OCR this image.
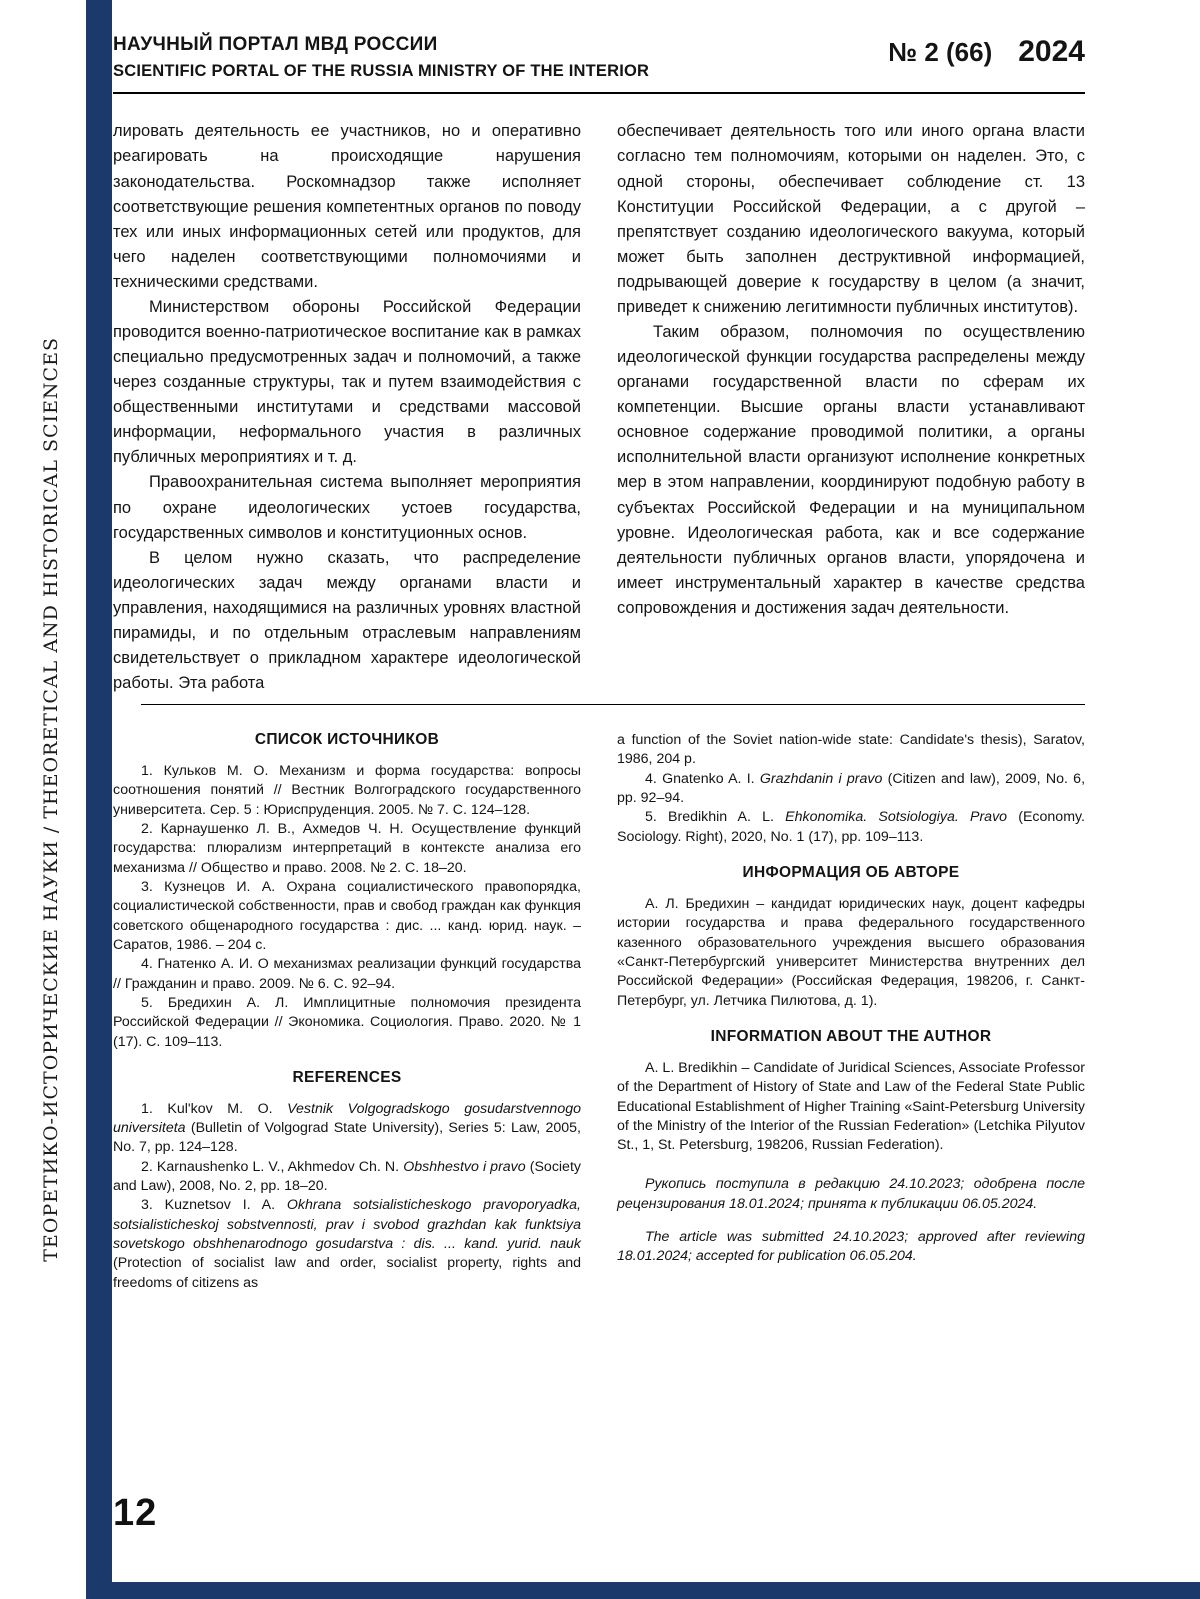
ТЕОРЕТИКО-ИСТОРИЧЕСКИЕ НАУКИ / THEORETICAL AND HISTORICAL SCIENCES
НАУЧНЫЙ ПОРТАЛ МВД РОССИИ
SCIENTIFIC PORTAL OF THE RUSSIA MINISTRY OF THE INTERIOR
№ 2 (66) 2024

лировать деятельность ее участников, но и оперативно реагировать на происходящие нарушения законодательства. Роскомнадзор также исполняет соответствующие решения компетентных органов по поводу тех или иных информационных сетей или продуктов, для чего наделен соответствующими полномочиями и техническими средствами.

Министерством обороны Российской Федерации проводится военно-патриотическое воспитание как в рамках специально предусмотренных задач и полномочий, а также через созданные структуры, так и путем взаимодействия с общественными институтами и средствами массовой информации, неформального участия в различных публичных мероприятиях и т. д.

Правоохранительная система выполняет мероприятия по охране идеологических устоев государства, государственных символов и конституционных основ.

В целом нужно сказать, что распределение идеологических задач между органами власти и управления, находящимися на различных уровнях властной пирамиды, и по отдельным отраслевым направлениям свидетельствует о прикладном характере идеологической работы. Эта работа

обеспечивает деятельность того или иного органа власти согласно тем полномочиям, которыми он наделен. Это, с одной стороны, обеспечивает соблюдение ст. 13 Конституции Российской Федерации, а с другой – препятствует созданию идеологического вакуума, который может быть заполнен деструктивной информацией, подрывающей доверие к государству в целом (а значит, приведет к снижению легитимности публичных институтов).

Таким образом, полномочия по осуществлению идеологической функции государства распределены между органами государственной власти по сферам их компетенции. Высшие органы власти устанавливают основное содержание проводимой политики, а органы исполнительной власти организуют исполнение конкретных мер в этом направлении, координируют подобную работу в субъектах Российской Федерации и на муниципальном уровне. Идеологическая работа, как и все содержание деятельности публичных органов власти, упорядочена и имеет инструментальный характер в качестве средства сопровождения и достижения задач деятельности.

СПИСОК ИСТОЧНИКОВ

1. Кульков М. О. Механизм и форма государства: вопросы соотношения понятий // Вестник Волгоградского государственного университета. Сер. 5 : Юриспруденция. 2005. № 7. С. 124–128.

2. Карнаушенко Л. В., Ахмедов Ч. Н. Осуществление функций государства: плюрализм интерпретаций в контексте анализа его механизма // Общество и право. 2008. № 2. С. 18–20.

3. Кузнецов И. А. Охрана социалистического правопорядка, социалистической собственности, прав и свобод граждан как функция советского общенародного государства : дис. ... канд. юрид. наук. – Саратов, 1986. – 204 с.

4. Гнатенко А. И. О механизмах реализации функций государства // Гражданин и право. 2009. № 6. С. 92–94.

5. Бредихин А. Л. Имплицитные полномочия президента Российской Федерации // Экономика. Социология. Право. 2020. № 1 (17). С. 109–113.

REFERENCES

1. Kul'kov M. O. Vestnik Volgogradskogo gosudarstvennogo universiteta (Bulletin of Volgograd State University), Series 5: Law, 2005, No. 7, pp. 124–128.

2. Karnaushenko L. V., Akhmedov Ch. N. Obshhestvo i pravo (Society and Law), 2008, No. 2, pp. 18–20.

3. Kuznetsov I. A. Okhrana sotsialisticheskogo pravoporyadka, sotsialisticheskoj sobstvennosti, prav i svobod grazhdan kak funktsiya sovetskogo obshhenarodnogo gosudarstva : dis. ... kand. yurid. nauk (Protection of socialist law and order, socialist property, rights and freedoms of citizens as

a function of the Soviet nation-wide state: Candidate's thesis), Saratov, 1986, 204 p.

4. Gnatenko A. I. Grazhdanin i pravo (Citizen and law), 2009, No. 6, pp. 92–94.

5. Bredikhin A. L. Ehkonomika. Sotsiologiya. Pravo (Economy. Sociology. Right), 2020, No. 1 (17), pp. 109–113.

ИНФОРМАЦИЯ ОБ АВТОРЕ

А. Л. Бредихин – кандидат юридических наук, доцент кафедры истории государства и права федерального государственного казенного образовательного учреждения высшего образования «Санкт-Петербургский университет Министерства внутренних дел Российской Федерации» (Российская Федерация, 198206, г. Санкт-Петербург, ул. Летчика Пилютова, д. 1).

INFORMATION ABOUT THE AUTHOR

A. L. Bredikhin – Candidate of Juridical Sciences, Associate Professor of the Department of History of State and Law of the Federal State Public Educational Establishment of Higher Training «Saint-Petersburg University of the Ministry of the Interior of the Russian Federation» (Letchika Pilyutov St., 1, St. Petersburg, 198206, Russian Federation).

Рукопись поступила в редакцию 24.10.2023; одобрена после рецензирования 18.01.2024; принята к публикации 06.05.2024.

The article was submitted 24.10.2023; approved after reviewing 18.01.2024; accepted for publication 06.05.204.

12
